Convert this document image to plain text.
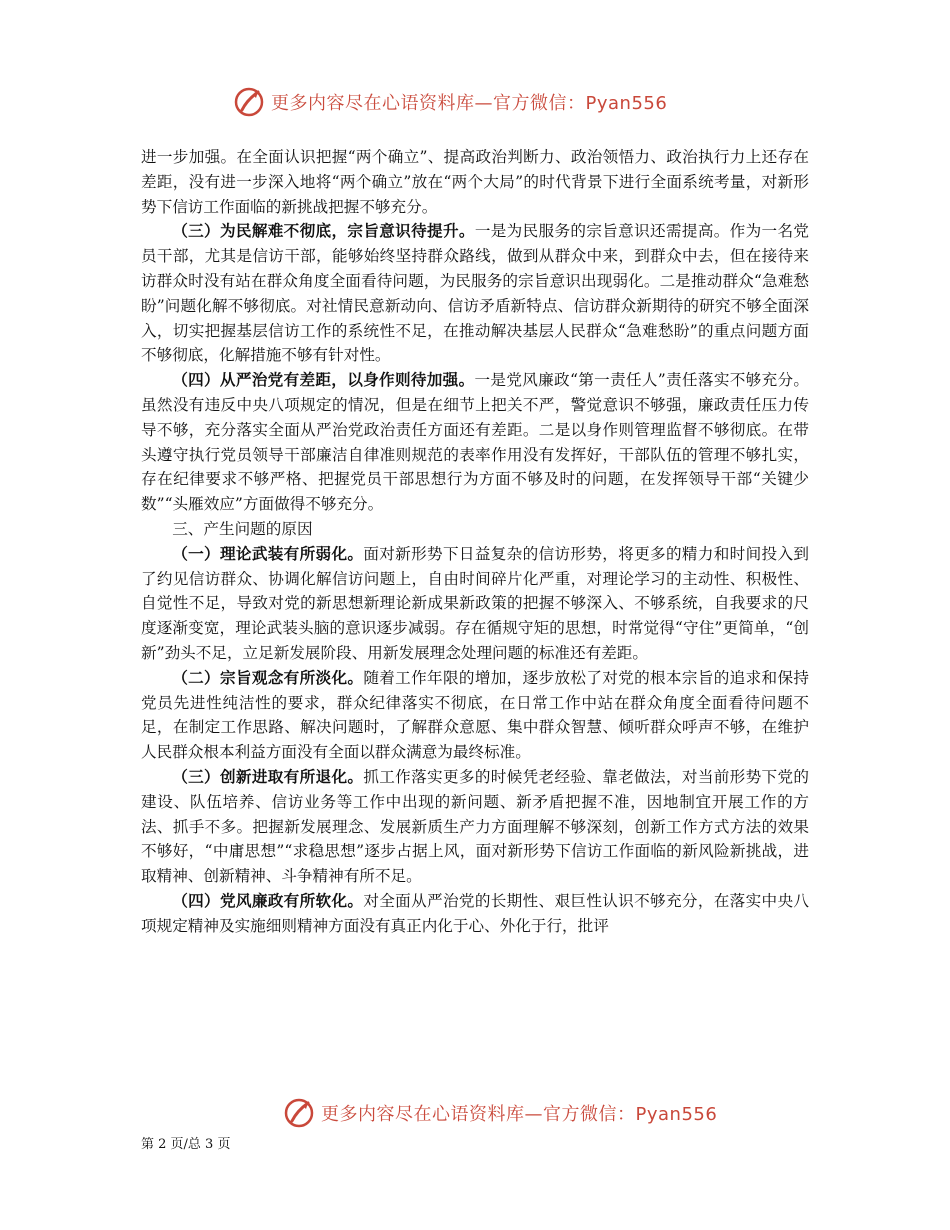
更多内容尽在心语资料库—官方微信：Pyan556

进一步加强。在全面认识把握“两个确立”、提高政治判断力、政治领悟力、政治执行力上还存在差距，没有进一步深入地将“两个确立”放在“两个大局”的时代背景下进行全面系统考量，对新形势下信访工作面临的新挑战把握不够充分。

（三）为民解难不彻底，宗旨意识待提升。一是为民服务的宗旨意识还需提高。作为一名党员干部，尤其是信访干部，能够始终坚持群众路线，做到从群众中来，到群众中去，但在接待来访群众时没有站在群众角度全面看待问题，为民服务的宗旨意识出现弱化。二是推动群众“急难愁盼”问题化解不够彻底。对社情民意新动向、信访矛盾新特点、信访群众新期待的研究不够全面深入，切实把握基层信访工作的系统性不足，在推动解决基层人民群众“急难愁盼”的重点问题方面不够彻底，化解措施不够有针对性。

（四）从严治党有差距，以身作则待加强。一是党风廉政“第一责任人”责任落实不够充分。虽然没有违反中央八项规定的情况，但是在细节上把关不严，警觉意识不够强，廉政责任压力传导不够，充分落实全面从严治党政治责任方面还有差距。二是以身作则管理监督不够彻底。在带头遵守执行党员领导干部廉洁自律准则规范的表率作用没有发挥好，干部队伍的管理不够扎实，存在纪律要求不够严格、把握党员干部思想行为方面不够及时的问题，在发挥领导干部“关键少数”“头雁效应”方面做得不够充分。

三、产生问题的原因

（一）理论武装有所弱化。面对新形势下日益复杂的信访形势，将更多的精力和时间投入到了约见信访群众、协调化解信访问题上，自由时间碎片化严重，对理论学习的主动性、积极性、自觉性不足，导致对党的新思想新理论新成果新政策的把握不够深入、不够系统，自我要求的尺度逐渐变宽，理论武装头脑的意识逐步减弱。存在循规守矩的思想，时常觉得“守住”更简单，“创新”劲头不足，立足新发展阶段、用新发展理念处理问题的标准还有差距。

（二）宗旨观念有所淡化。随着工作年限的增加，逐步放松了对党的根本宗旨的追求和保持党员先进性纯洁性的要求，群众纪律落实不彻底，在日常工作中站在群众角度全面看待问题不足，在制定工作思路、解决问题时，了解群众意愿、集中群众智慧、倾听群众呼声不够，在维护人民群众根本利益方面没有全面以群众满意为最终标准。

（三）创新进取有所退化。抓工作落实更多的时候凭老经验、靠老做法，对当前形势下党的建设、队伍培养、信访业务等工作中出现的新问题、新矛盾把握不准，因地制宜开展工作的方法、抓手不多。把握新发展理念、发展新质生产力方面理解不够深刻，创新工作方式方法的效果不够好，“中庸思想”“求稳思想”逐步占据上风，面对新形势下信访工作面临的新风险新挑战，进取精神、创新精神、斗争精神有所不足。

（四）党风廉政有所软化。对全面从严治党的长期性、艰巨性认识不够充分，在落实中央八项规定精神及实施细则精神方面没有真正内化于心、外化于行，批评

更多内容尽在心语资料库—官方微信：Pyan556
第 2 页/总 3 页
